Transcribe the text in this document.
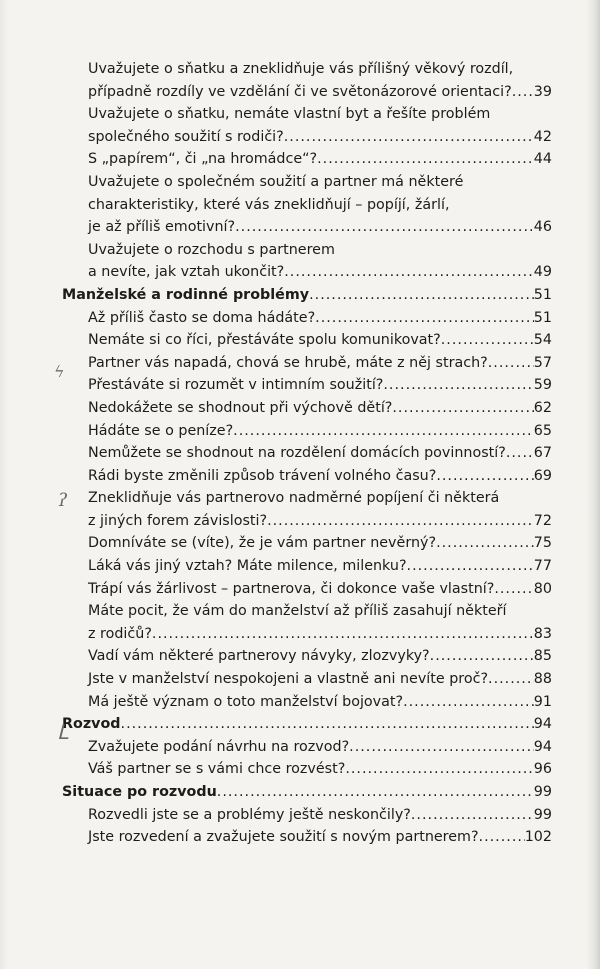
Uvažujete o sňatku a zneklidňuje vás přílišný věkový rozdíl,
případně rozdíly ve vzdělání či ve světonázorové orientaci? ..... 39
Uvažujete o sňatku, nemáte vlastní byt a řešíte problém
společného soužití s rodiči? .....	42
S „papírem“, či „na hromádce“? .....	44
Uvažujete o společném soužití a partner má některé
charakteristiky, které vás zneklidňují – popíjí, žárlí,
je až příliš emotivní? .....	46
Uvažujete o rozchodu s partnerem
a nevíte, jak vztah ukončit? .....	49
Manželské a rodinné problémy .....	51
Až příliš často se doma hádáte? .....	51
Nemáte si co říci, přestáváte spolu komunikovat? .....	54
Partner vás napadá, chová se hrubě, máte z něj strach? .....	57
Přestáváte si rozumět v intimním soužití? .....	59
Nedokážete se shodnout při výchově dětí? .....	62
Hádáte se o peníze? .....	65
Nemůžete se shodnout na rozdělení domácích povinností? ..... 67
Rádi byste změnili způsob trávení volného času? .....	69
Zneklidňuje vás partnerovo nadměrné popíjení či některá
z jiných forem závislosti? .....	72
Domníváte se (víte), že je vám partner nevěrný? .....	75
Láká vás jiný vztah? Máte milence, milenku? .....	77
Trápí vás žárlivost – partnerova, či dokonce vaše vlastní? .....	80
Máte pocit, že vám do manželství až příliš zasahují někteří
z rodičů? .....	83
Vadí vám některé partnerovy návyky, zlozvyky? .....	85
Jste v manželství nespokojeni a vlastně ani nevíte proč? .....	88
Má ještě význam o toto manželství bojovat? .....	91
Rozvod .....	94
Zvažujete podání návrhu na rozvod? .....	94
Váš partner se s vámi chce rozvést? .....	96
Situace po rozvodu .....	99
Rozvedli jste se a problémy ještě neskončily? .....	99
Jste rozvedení a zvažujete soužití s novým partnerem? .....	102
ϟ
ʔ
ᒪ
